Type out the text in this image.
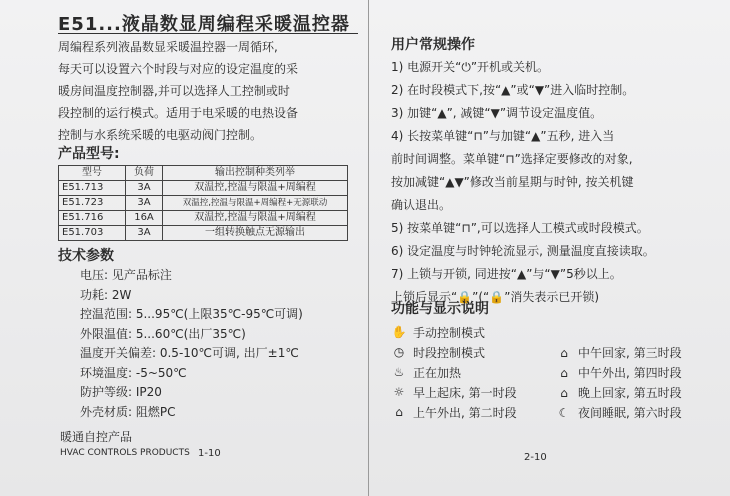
E51...液晶数显周编程采暖温控器
周编程系列液晶数显采暖温控器一周循环,
每天可以设置六个时段与对应的设定温度的采
暖房间温度控制器,并可以选择人工控制或时
段控制的运行模式。适用于电采暖的电热设备
控制与水系统采暖的电驱动阀门控制。
产品型号:
型号	负荷	输出控制种类列举
E51.713	3A	双温控,控温与限温+周编程
E51.723	3A	双温控,控温与限温+周编程+无源联动
E51.716	16A	双温控,控温与限温+周编程
E51.703	3A	一组转换触点无源输出
技术参数
电压: 见产品标注
功耗: 2W
控温范围: 5...95℃(上限35℃-95℃可调)
外限温值: 5...60℃(出厂35℃)
温度开关偏差: 0.5-10℃可调, 出厂±1℃
环境温度: -5~50℃
防护等级: IP20
外壳材质: 阻燃PC
暖通自控产品
HVAC CONTROLS PRODUCTS 1-10
用户常规操作
1) 电源开关“⏻”开机或关机。
2) 在时段模式下,按“▲”或“▼”进入临时控制。
3) 加键“▲”, 减键“▼”调节设定温度值。
4) 长按菜单键“⊓”与加键“▲”五秒, 进入当
前时间调整。菜单键“⊓”选择定要修改的对象,
按加减键“▲▼”修改当前星期与时钟, 按关机键
确认退出。
5) 按菜单键“⊓”,可以选择人工模式或时段模式。
6) 设定温度与时钟轮流显示, 测量温度直接读取。
7) 上锁与开锁, 同进按“▲”与“▼”5秒以上。
上锁后显示“🔒”(“🔒”消失表示已开锁)
功能与显示说明
✋ 手动控制模式
◷ 时段控制模式	⌂ 中午回家, 第三时段
♨ 正在加热	⌂ 中午外出, 第四时段
☼ 早上起床, 第一时段	⌂ 晚上回家, 第五时段
⌂ 上午外出, 第二时段	☾ 夜间睡眠, 第六时段
2-10
